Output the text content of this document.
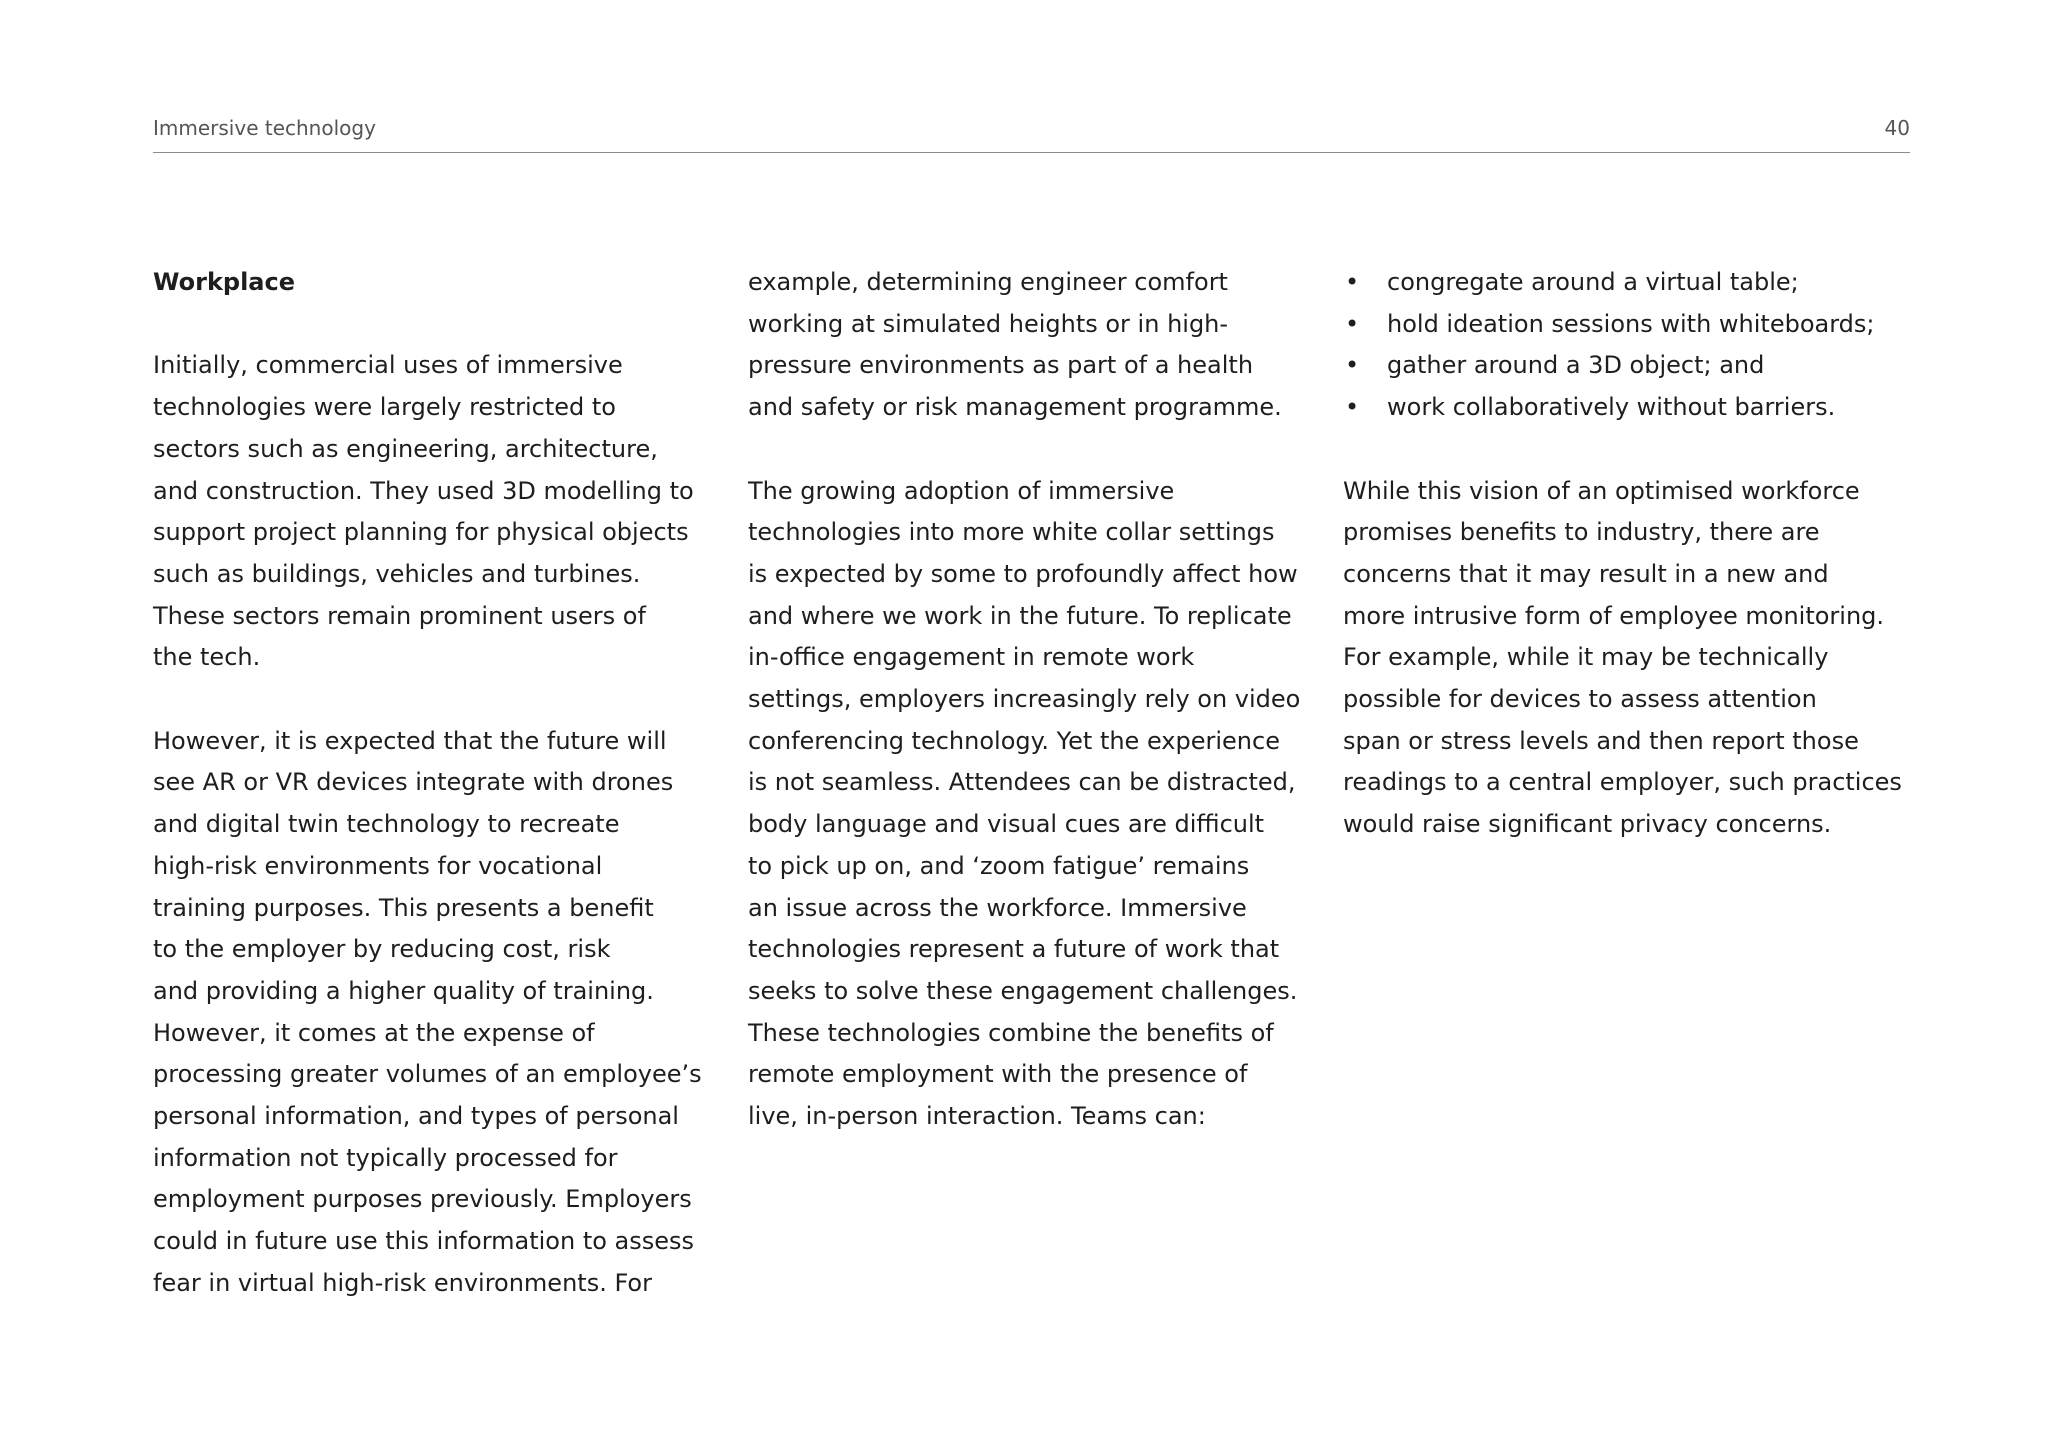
Immersive technology	40
Workplace

Initially, commercial uses of immersive
technologies were largely restricted to
sectors such as engineering, architecture,
and construction. They used 3D modelling to
support project planning for physical objects
such as buildings, vehicles and turbines.
These sectors remain prominent users of
the tech.

However, it is expected that the future will
see AR or VR devices integrate with drones
and digital twin technology to recreate
high-risk environments for vocational
training purposes. This presents a benefit
to the employer by reducing cost, risk
and providing a higher quality of training.
However, it comes at the expense of
processing greater volumes of an employee’s
personal information, and types of personal
information not typically processed for
employment purposes previously. Employers
could in future use this information to assess
fear in virtual high-risk environments. For

example, determining engineer comfort
working at simulated heights or in high-
pressure environments as part of a health
and safety or risk management programme.

The growing adoption of immersive
technologies into more white collar settings
is expected by some to profoundly affect how
and where we work in the future. To replicate
in-office engagement in remote work
settings, employers increasingly rely on video
conferencing technology. Yet the experience
is not seamless. Attendees can be distracted,
body language and visual cues are difficult
to pick up on, and ‘zoom fatigue’ remains
an issue across the workforce. Immersive
technologies represent a future of work that
seeks to solve these engagement challenges.
These technologies combine the benefits of
remote employment with the presence of
live, in-person interaction. Teams can:

• congregate around a virtual table;
• hold ideation sessions with whiteboards;
• gather around a 3D object; and
• work collaboratively without barriers.

While this vision of an optimised workforce
promises benefits to industry, there are
concerns that it may result in a new and
more intrusive form of employee monitoring.
For example, while it may be technically
possible for devices to assess attention
span or stress levels and then report those
readings to a central employer, such practices
would raise significant privacy concerns.
